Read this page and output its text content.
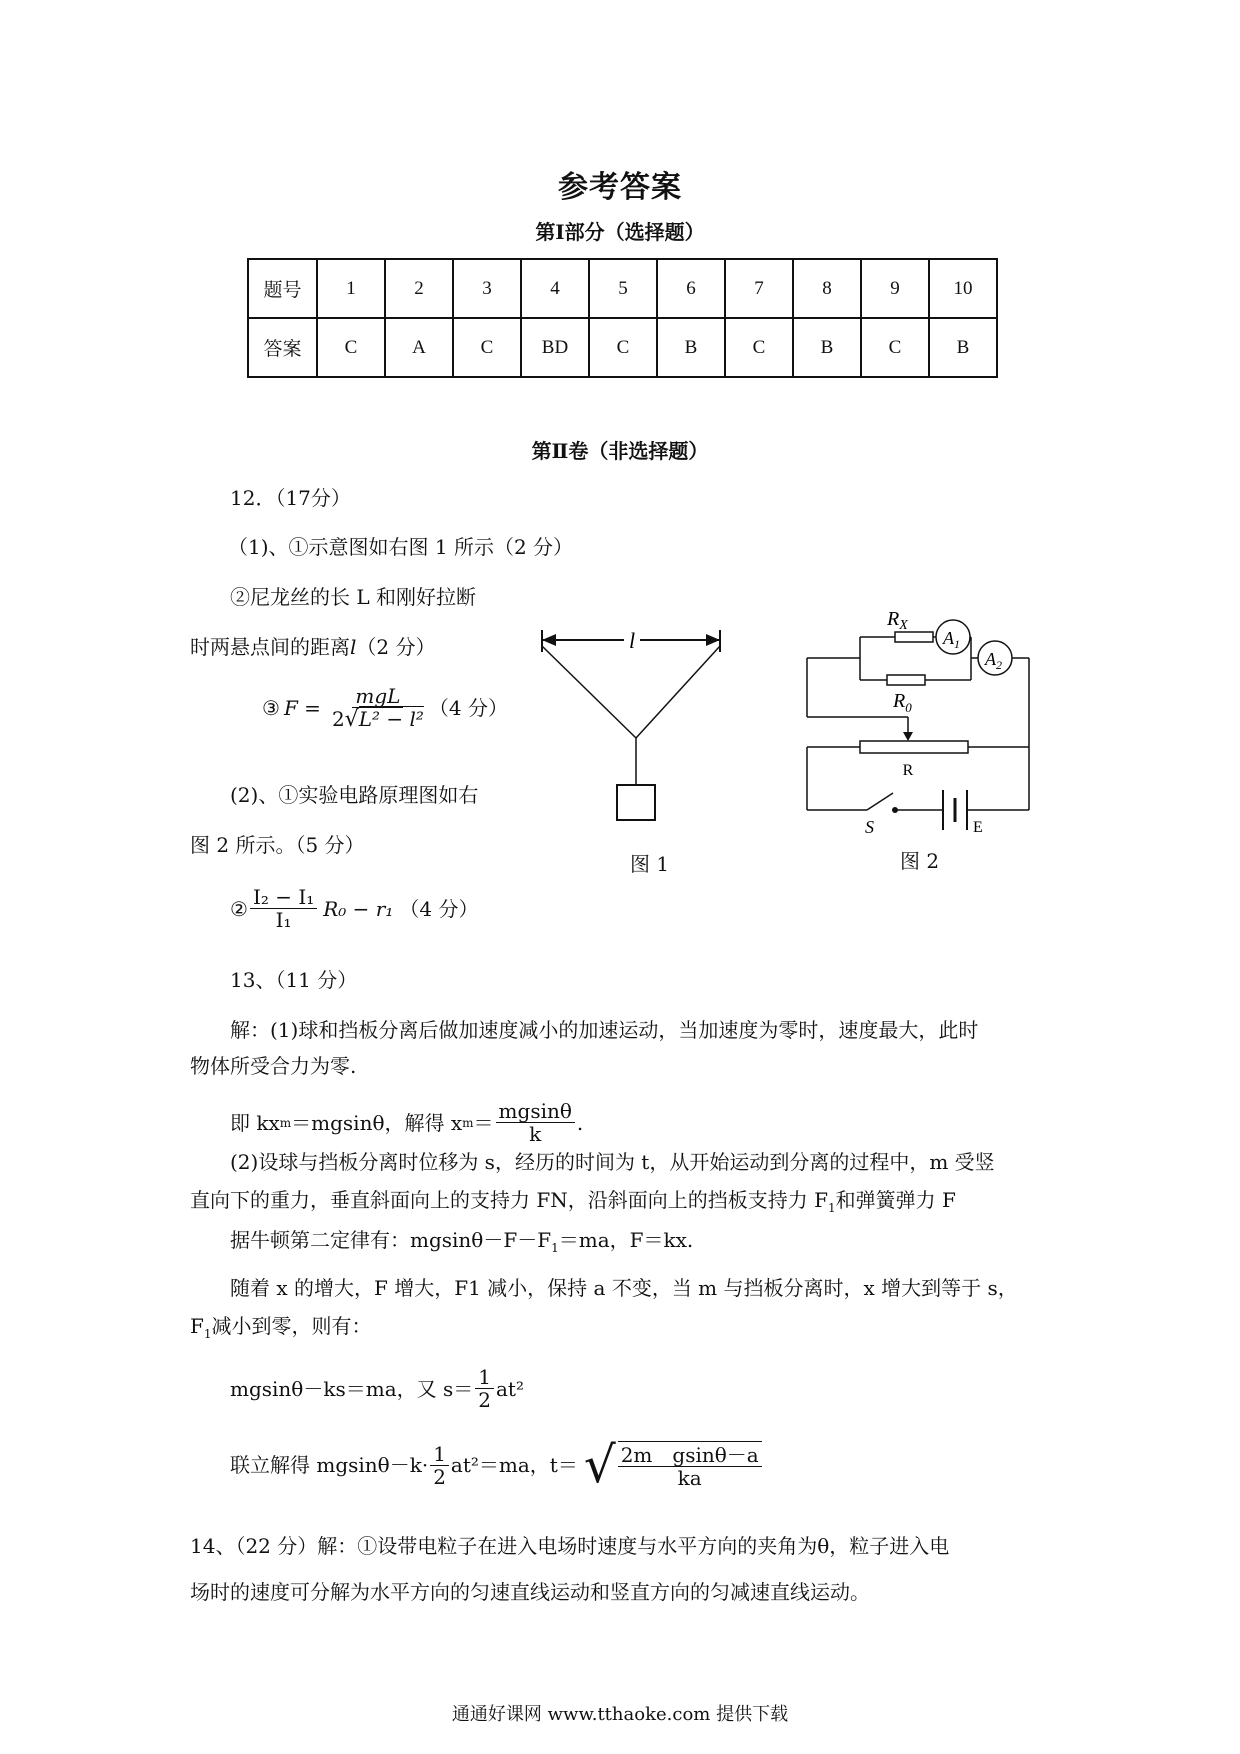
参考答案
第Ⅰ部分（选择题）
题号	1	2	3	4	5	6	7	8	9	10
答案	C	A	C	BD	C	B	C	B	C	B
第Ⅱ卷（非选择题）
12．（17分）
（1)、①示意图如右图 1 所示（2 分）
②尼龙丝的长 L 和刚好拉断
时两悬点间的距离l（2 分）
③ $F = \frac{\text{mgL}}{\text{2√L² − l²}} (4$ 分）
(2)、①实验电路原理图如右
图 2 所示。（5 分）
② $\frac{\text{I₂ − I₁}}{\text{I₁}} R_0 - r_1$ （4 分）
l
图 1
$R_X$
$A_1$
$A_2$
$R_0$
R
S	E
图 2
13、（11 分）
解：(1)球和挡板分离后做加速度减小的加速运动，当加速度为零时，速度最大，此时
物体所受合力为零.
即 kx m ＝mgsinθ，解得 x $m = \frac{mgsin\theta}{k}$ .
(2)设球与挡板分离时位移为 s，经历的时间为 t，从开始运动到分离的过程中，m 受竖
直向下的重力，垂直斜面向上的支持力 FN，沿斜面向上的挡板支持力 $F_1$和弹簧弹力 F
据牛顿第二定律有：$mgsin\theta-F-F_1=ma$，F＝kx.
随着 x 的增大，F 增大，F1 减小，保持 a 不变，当 m 与挡板分离时，x 增大到等于 s，
$F_1$减小到零，则有：
mgsinθ－ks＝ma，又 $s= \frac{1}{2} at^2$
联立解得 $mgsin\theta-k\cdot \frac{1}{2} at^2=ma$，t＝ √ $\frac{\text{2m　gsinθ－a}}{ka}$
14、（22 分）解：①设带电粒子在进入电场时速度与水平方向的夹角为θ，粒子进入电
场时的速度可分解为水平方向的匀速直线运动和竖直方向的匀减速直线运动。
通通好课网 www.tthaoke.com 提供下载
